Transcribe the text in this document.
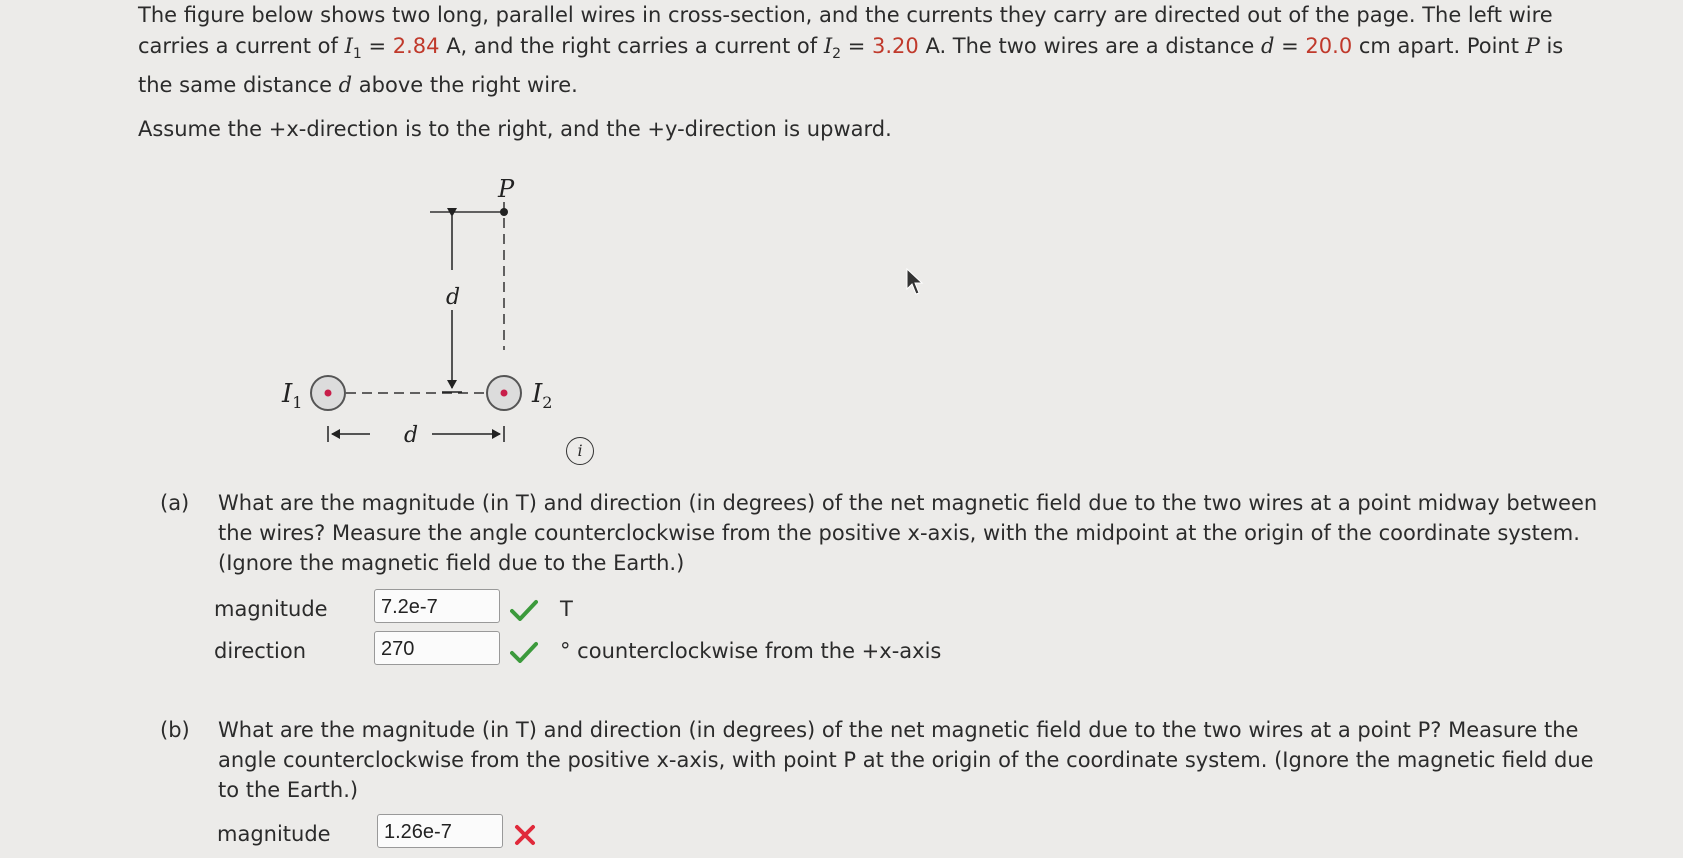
The figure below shows two long, parallel wires in cross-section, and the currents they carry are directed out of the page. The left wire

carries a current of $I_1 = 2.84$ A, and the right carries a current of $I_2 = 3.20$ A. The two wires are a distance d = 20.0 cm apart. Point P is

the same distance d above the right wire.

Assume the +x-direction is to the right, and the +y-direction is upward.
d
P
$I_1$	$I_2$
d
i
(a) What are the magnitude (in T) and direction (in degrees) of the net magnetic field due to the two wires at a point midway between
the wires? Measure the angle counterclockwise from the positive x-axis, with the midpoint at the origin of the coordinate system.
(Ignore the magnetic field due to the Earth.)
magnitude	7.2e-7	T
direction	270	° counterclockwise from the +x-axis
(b) What are the magnitude (in T) and direction (in degrees) of the net magnetic field due to the two wires at a point P? Measure the
angle counterclockwise from the positive x-axis, with point P at the origin of the coordinate system. (Ignore the magnetic field due
to the Earth.)
magnitude	1.26e-7
